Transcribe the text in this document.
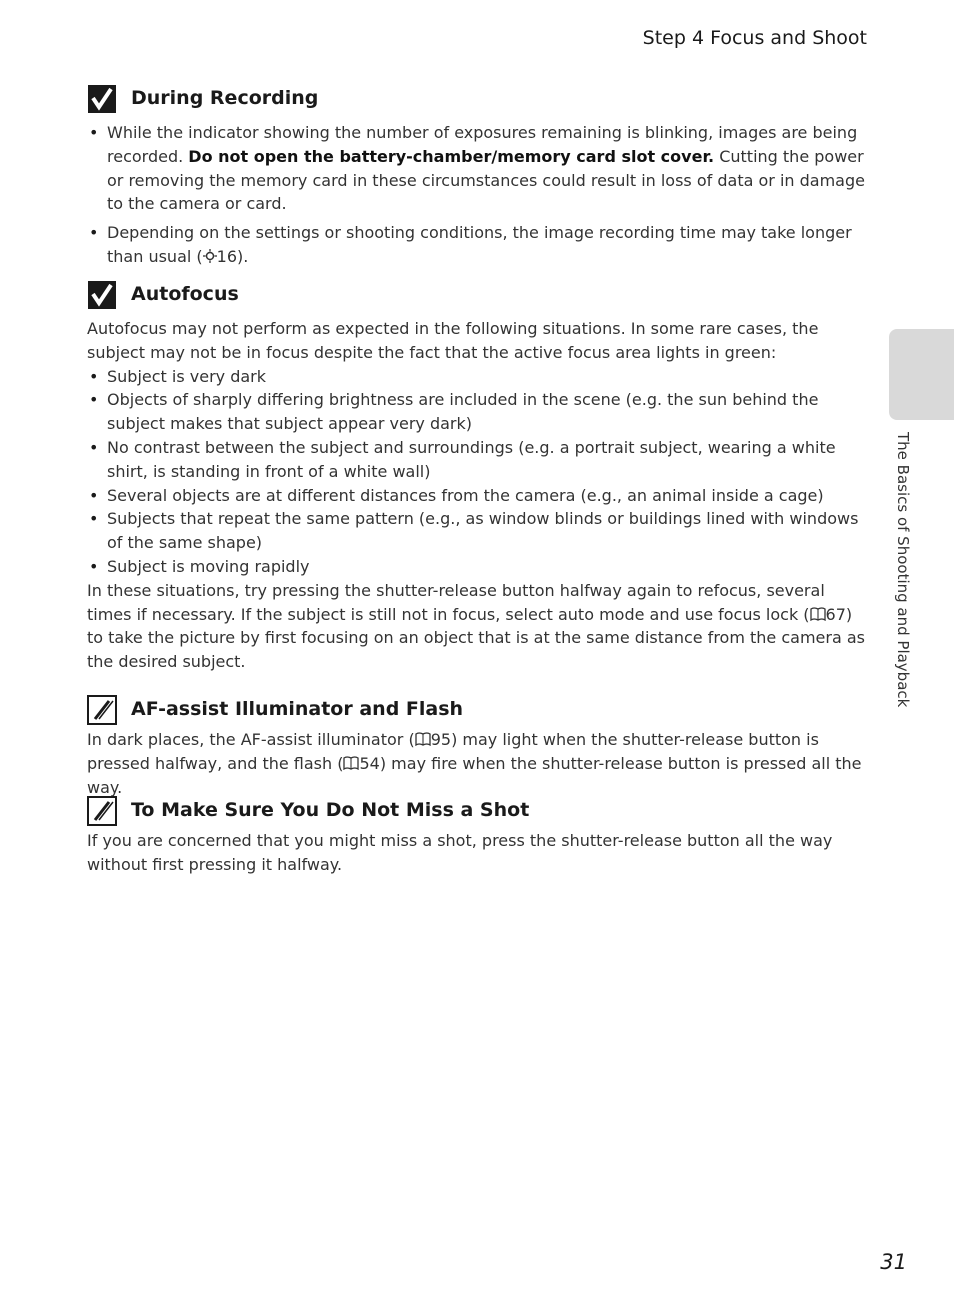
Step 4 Focus and Shoot
The Basics of Shooting and Playback
During Recording
• While the indicator showing the number of exposures remaining is blinking, images are being recorded. Do not open the battery-chamber/memory card slot cover. Cutting the power or removing the memory card in these circumstances could result in loss of data or in damage to the camera or card.
• Depending on the settings or shooting conditions, the image recording time may take longer than usual ( 16).
Autofocus

Autofocus may not perform as expected in the following situations. In some rare cases, the subject may not be in focus despite the fact that the active focus area lights in green:

• Subject is very dark
• Objects of sharply differing brightness are included in the scene (e.g. the sun behind the subject makes that subject appear very dark)
• No contrast between the subject and surroundings (e.g. a portrait subject, wearing a white shirt, is standing in front of a white wall)
• Several objects are at different distances from the camera (e.g., an animal inside a cage)
• Subjects that repeat the same pattern (e.g., as window blinds or buildings lined with windows of the same shape)
• Subject is moving rapidly

In these situations, try pressing the shutter-release button halfway again to refocus, several times if necessary. If the subject is still not in focus, select auto mode and use focus lock ( 67) to take the picture by first focusing on an object that is at the same distance from the camera as the desired subject.

AF-assist Illuminator and Flash

In dark places, the AF-assist illuminator ( 95) may light when the shutter-release button is pressed halfway, and the flash ( 54) may fire when the shutter-release button is pressed all the way.

To Make Sure You Do Not Miss a Shot

If you are concerned that you might miss a shot, press the shutter-release button all the way without first pressing it halfway.

31
